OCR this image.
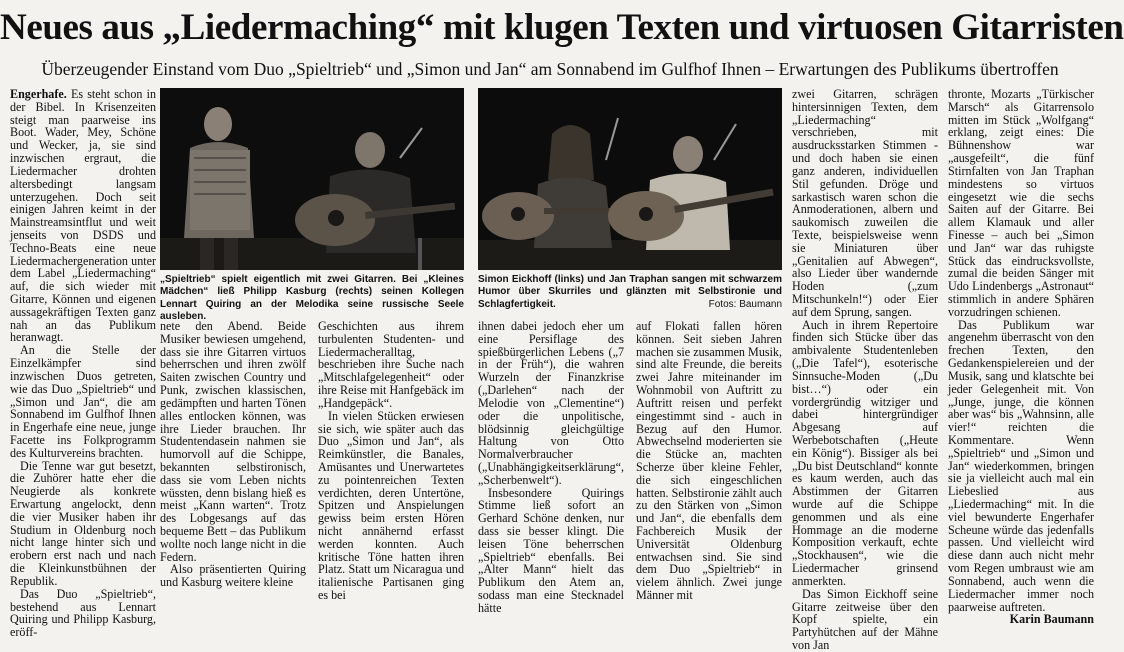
Neues aus „Liedermaching“ mit klugen Texten und virtuosen Gitarristen
Überzeugender Einstand vom Duo „Spieltrieb“ und „Simon und Jan“ am Sonnabend im Gulfhof Ihnen – Erwartungen des Publikums übertroffen

Engerhafe. Es steht schon in der Bibel. In Krisenzeiten steigt man paarweise ins Boot. Wader, Mey, Schöne und Wecker, ja, sie sind inzwischen ergraut, die Liedermacher drohten altersbedingt langsam unterzugehen. Doch seit einigen Jahren keimt in der Mainstreamsintflut und weit jenseits von DSDS und Techno-Beats eine neue Liedermachergeneration unter dem Label „Liedermaching“ auf, die sich wieder mit Gitarre, Können und eigenen aussagekräftigen Texten ganz nah an das Publikum heranwagt.

An die Stelle der Einzelkämpfer sind inzwischen Duos getreten, wie das Duo „Spieltrieb“ und „Simon und Jan“, die am Sonnabend im Gulfhof Ihnen in Engerhafe eine neue, junge Facette ins Folkprogramm des Kulturvereins brachten.

Die Tenne war gut besetzt, die Zuhörer hatte eher die Neugierde als konkrete Erwartung angelockt, denn die vier Musiker haben ihr Studium in Oldenburg noch nicht lange hinter sich und erobern erst nach und nach die Kleinkunstbühnen der Republik.

Das Duo „Spieltrieb“, bestehend aus Lennart Quiring und Philipp Kasburg, eröff-

„Spieltrieb“ spielt eigentlich mit zwei Gitarren. Bei „Kleines Mädchen“ ließ Philipp Kasburg (rechts) seinen Kollegen Lennart Quiring an der Melodika seine russische Seele ausleben.
Simon Eickhoff (links) und Jan Traphan sangen mit schwarzem Humor über Skurriles und glänzten mit Selbstironie und Schlagfertigkeit.	Fotos: Baumann

nete den Abend. Beide Musiker bewiesen umgehend, dass sie ihre Gitarren virtuos beherrschen und ihren zwölf Saiten zwischen Country und Punk, zwischen klassischen, gedämpften und harten Tönen alles entlocken können, was ihre Lieder brauchen. Ihr Studentendasein nahmen sie humorvoll auf die Schippe, bekannten selbstironisch, dass sie vom Leben nichts wüssten, denn bislang hieß es meist „Kann warten“. Trotz des Lobgesangs auf das bequeme Bett – das Publikum wollte noch lange nicht in die Federn.

Also präsentierten Quiring und Kasburg weitere kleine

Geschichten aus ihrem turbulenten Studenten- und Liedermacheralltag, beschrieben ihre Suche nach „Mitschlafgelegenheit“ oder ihre Reise mit Hanfgebäck im „Handgepäck“.

In vielen Stücken erwiesen sie sich, wie später auch das Duo „Simon und Jan“, als Reimkünstler, die Banales, Amüsantes und Unerwartetes zu pointenreichen Texten verdichten, deren Untertöne, Spitzen und Anspielungen gewiss beim ersten Hören nicht annähernd erfasst werden konnten. Auch kritische Töne hatten ihren Platz. Statt um Nicaragua und italienische Partisanen ging es bei

ihnen dabei jedoch eher um eine Persiflage des spießbürgerlichen Lebens („7 in der Früh“), die wahren Wurzeln der Finanzkrise („Darlehen“ nach der Melodie von „Clementine“) oder die unpolitische, blödsinnig gleichgültige Haltung von Otto Normalverbraucher („Unabhängigkeitserklärung“, „Scherbenwelt“).

Insbesondere Quirings Stimme ließ sofort an Gerhard Schöne denken, nur dass sie besser klingt. Die leisen Töne beherrschen „Spieltrieb“ ebenfalls. Bei „Alter Mann“ hielt das Publikum den Atem an, sodass man eine Stecknadel hätte

auf Flokati fallen hören können. Seit sieben Jahren machen sie zusammen Musik, sind alte Freunde, die bereits zwei Jahre miteinander im Wohnmobil von Auftritt zu Auftritt reisen und perfekt eingestimmt sind - auch in Bezug auf den Humor. Abwechselnd moderierten sie die Stücke an, machten Scherze über kleine Fehler, die sich eingeschlichen hatten. Selbstironie zählt auch zu den Stärken von „Simon und Jan“, die ebenfalls dem Fachbereich Musik der Universität Oldenburg entwachsen sind. Sie sind dem Duo „Spieltrieb“ in vielem ähnlich. Zwei junge Männer mit

zwei Gitarren, schrägen hintersinnigen Texten, dem „Liedermaching“ verschrieben, mit ausdrucksstarken Stimmen - und doch haben sie einen ganz anderen, individuellen Stil gefunden. Dröge und sarkastisch waren schon die Anmoderationen, albern und saukomisch zuweilen die Texte, beispielsweise wenn sie Miniaturen über „Genitalien auf Abwegen“, also Lieder über wandernde Hoden („zum Mitschunkeln!“) oder Eier auf dem Sprung, sangen.

Auch in ihrem Repertoire finden sich Stücke über das ambivalente Studentenleben („Die Tafel“), esoterische Sinnsuche-Moden („Du bist…“) oder ein vordergründig witziger und dabei hintergründiger Abgesang auf Werbebotschaften („Heute ein König“). Bissiger als bei „Du bist Deutschland“ konnte es kaum werden, auch das Abstimmen der Gitarren wurde auf die Schippe genommen und als eine Hommage an die moderne Komposition verkauft, echte „Stockhausen“, wie die Liedermacher grinsend anmerkten.

Das Simon Eickhoff seine Gitarre zeitweise über den Kopf spielte, ein Partyhütchen auf der Mähne von Jan

thronte, Mozarts „Türkischer Marsch“ als Gitarrensolo mitten im Stück „Wolfgang“ erklang, zeigt eines: Die Bühnenshow war „ausgefeilt“, die fünf Stirnfalten von Jan Traphan mindestens so virtuos eingesetzt wie die sechs Saiten auf der Gitarre. Bei allem Klamauk und aller Finesse – auch bei „Simon und Jan“ war das ruhigste Stück das eindrucksvollste, zumal die beiden Sänger mit Udo Lindenbergs „Astronaut“ stimmlich in andere Sphären vorzudringen schienen.

Das Publikum war angenehm überrascht von den frechen Texten, den Gedankenspielereien und der Musik, sang und klatschte bei jeder Gelegenheit mit. Von „Junge, junge, die können aber was“ bis „Wahnsinn, alle vier!“ reichten die Kommentare. Wenn „Spieltrieb“ und „Simon und Jan“ wiederkommen, bringen sie ja vielleicht auch mal ein Liebeslied aus „Liedermaching“ mit. In die viel bewunderte Engerhafer Scheune würde das jedenfalls passen. Und vielleicht wird diese dann auch nicht mehr vom Regen umbraust wie am Sonnabend, auch wenn die Liedermacher immer noch paarweise auftreten.

Karin Baumann
